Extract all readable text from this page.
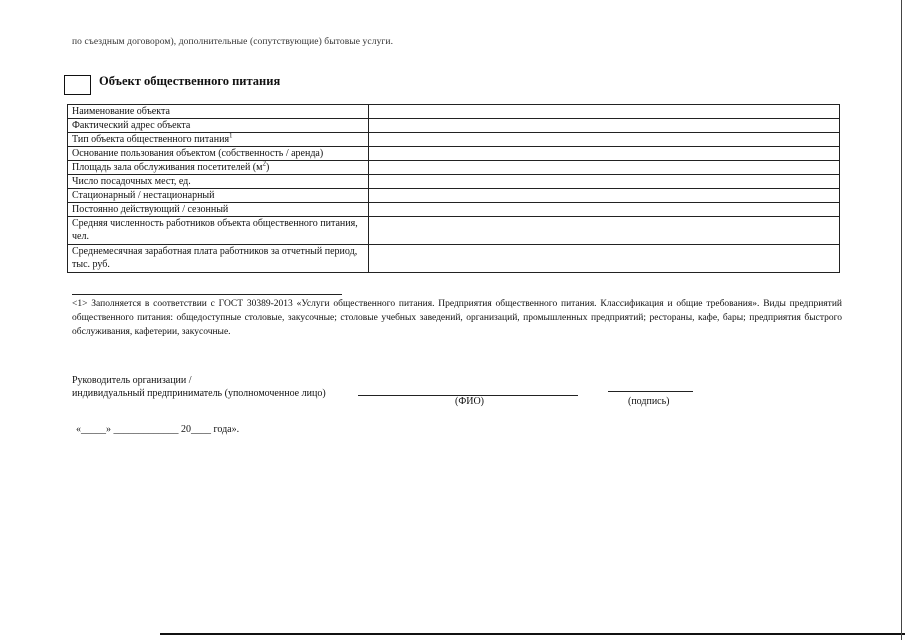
по съездным договором), дополнительные (сопутствующие) бытовые услуги.
Объект общественного питания
Наименование объекта	
Фактический адрес объекта	
Тип объекта общественного питания$^1$	
Основание пользования объектом (собственность / аренда)	
Площадь зала обслуживания посетителей $(м^2)$	
Число посадочных мест, ед.	
Стационарный / нестационарный	
Постоянно действующий / сезонный	
Средняя численность работников объекта общественного питания, чел.	
Среднемесячная заработная плата работников за отчетный период, тыс. руб.	
<1> Заполняется в соответствии с ГОСТ 30389-2013 «Услуги общественного питания. Предприятия общественного питания. Классификация и общие требования». Виды предприятий общественного питания: общедоступные столовые, закусочные; столовые учебных заведений, организаций, промышленных предприятий; рестораны, кафе, бары; предприятия быстрого обслуживания, кафетерии, закусочные.
Руководитель организации /
индивидуальный предприниматель (уполномоченное лицо)
(ФИО)	(подпись)
«_____» _____________ 20____ года».
